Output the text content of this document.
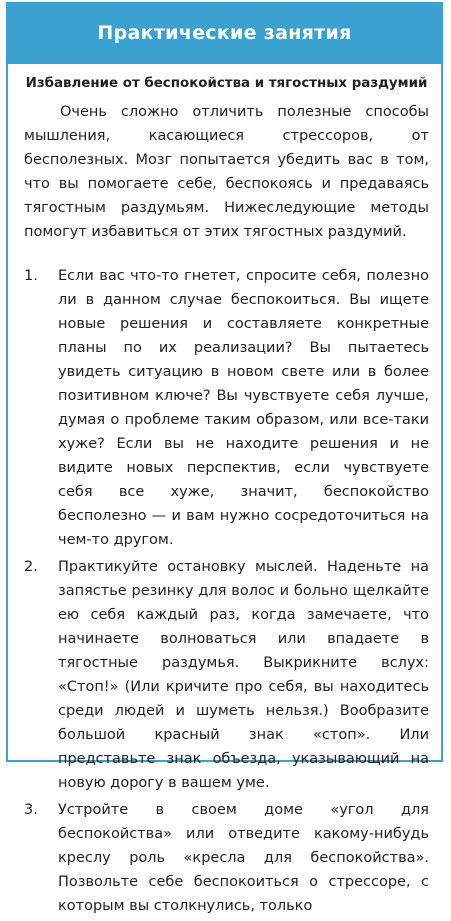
Практические занятия
Избавление от беспокойства и тягостных раздумий

Очень сложно отличить полезные способы мышления, касающиеся стрессоров, от бесполезных. Мозг попытается убедить вас в том, что вы помогаете себе, беспокоясь и предаваясь тягостным раздумьям. Нижеследующие методы помогут избавиться от этих тягостных раздумий.

1. Если вас что-то гнетет, спросите себя, полезно ли в данном случае беспокоиться. Вы ищете новые решения и составляете конкретные планы по их реализации? Вы пытаетесь увидеть ситуацию в новом свете или в более позитивном ключе? Вы чувствуете себя лучше, думая о проблеме таким образом, или все-таки хуже? Если вы не находите решения и не видите новых перспектив, если чувствуете себя все хуже, значит, беспокойство бесполезно — и вам нужно сосредоточиться на чем-то другом.

2. Практикуйте остановку мыслей. Наденьте на запястье резинку для волос и больно щелкайте ею себя каждый раз, когда замечаете, что начинаете волноваться или впадаете в тягостные раздумья. Выкрикните вслух: «Стоп!» (Или кричите про себя, вы находитесь среди людей и шуметь нельзя.) Вообразите большой красный знак «стоп». Или представьте знак объезда, указывающий на новую дорогу в вашем уме.

3. Устройте в своем доме «угол для беспокойства» или отведите какому-нибудь креслу роль «кресла для беспокойства». Позвольте себе беспокоиться о стрессоре, с которым вы столкнулись, только
